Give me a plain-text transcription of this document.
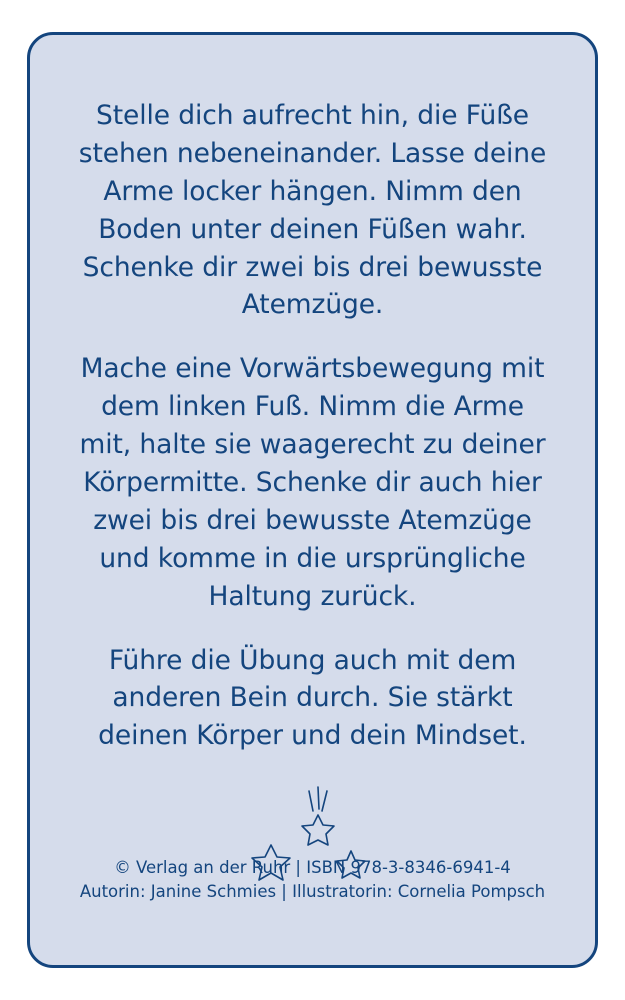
Stelle dich aufrecht hin, die Füße stehen nebeneinander. Lasse deine Arme locker hängen. Nimm den Boden unter deinen Füßen wahr. Schenke dir zwei bis drei bewusste Atemzüge.

Mache eine Vorwärtsbewegung mit dem linken Fuß. Nimm die Arme mit, halte sie waagerecht zu deiner Körpermitte. Schenke dir auch hier zwei bis drei bewusste Atemzüge und komme in die ursprüngliche Haltung zurück.

Führe die Übung auch mit dem anderen Bein durch. Sie stärkt deinen Körper und dein Mindset.

© Verlag an der Ruhr | ISBN 978-3-8346-6941-4
Autorin: Janine Schmies | Illustratorin: Cornelia Pompsch
